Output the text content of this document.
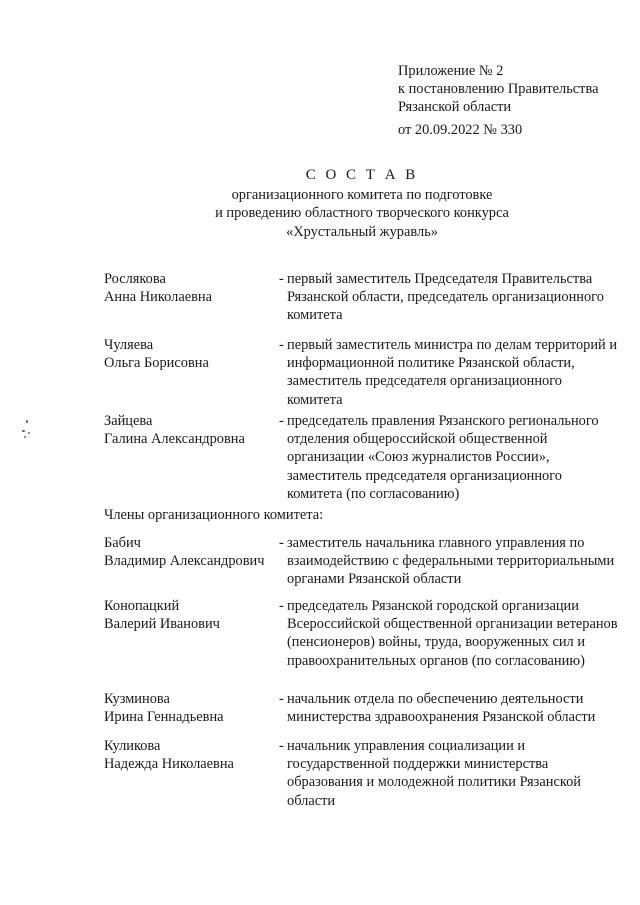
Приложение № 2
к постановлению Правительства
Рязанской области
от 20.09.2022 № 330
С О С Т А В
организационного комитета по подготовке
и проведению областного творческого конкурса
«Хрустальный журавль»
Рослякова
Анна Николаевна
- первый заместитель Председателя Правительства Рязанской области, председатель организационного комитета
Чуляева
Ольга Борисовна
- первый заместитель министра по делам территорий и информационной политике Рязанской области, заместитель председателя организационного комитета
Зайцева
Галина Александровна
- председатель правления Рязанского регионального отделения общероссийской общественной организации «Союз журналистов России», заместитель председателя организационного комитета (по согласованию)
Члены организационного комитета:
Бабич
Владимир Александрович
- заместитель начальника главного управления по взаимодействию с федеральными территориальными органами Рязанской области
Конопацкий
Валерий Иванович
- председатель Рязанской городской организации Всероссийской общественной организации ветеранов (пенсионеров) войны, труда, вооруженных сил и правоохранительных органов (по согласованию)
Кузминова
Ирина Геннадьевна
- начальник отдела по обеспечению деятельности министерства здравоохранения Рязанской области
Куликова
Надежда Николаевна
- начальник управления социализации и государственной поддержки министерства образования и молодежной политики Рязанской области
